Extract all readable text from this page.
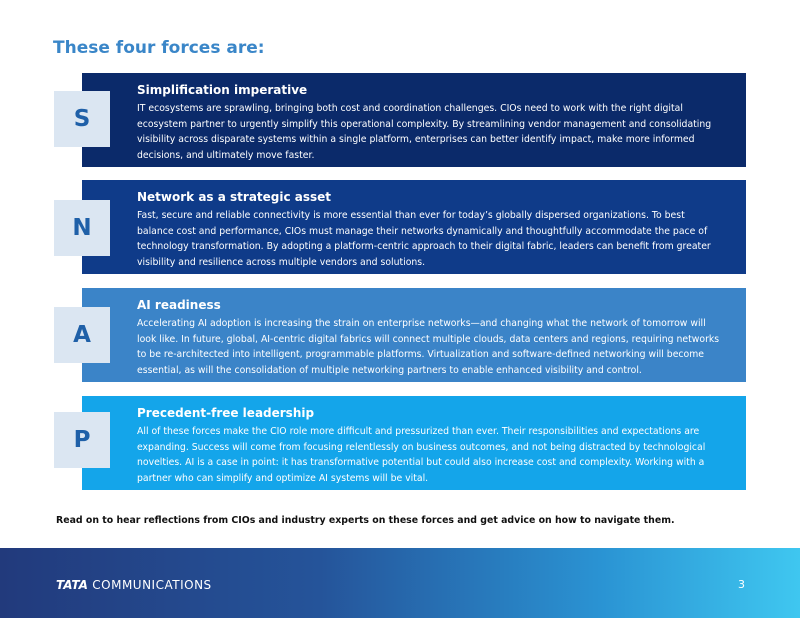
These four forces are:
S
Simplification imperative

IT ecosystems are sprawling, bringing both cost and coordination challenges. CIOs need to work with the right digital ecosystem partner to urgently simplify this operational complexity. By streamlining vendor management and consolidating visibility across disparate systems within a single platform, enterprises can better identify impact, make more informed decisions, and ultimately move faster.

N
Network as a strategic asset

Fast, secure and reliable connectivity is more essential than ever for today’s globally dispersed organizations. To best balance cost and performance, CIOs must manage their networks dynamically and thoughtfully accommodate the pace of technology transformation. By adopting a platform-centric approach to their digital fabric, leaders can benefit from greater visibility and resilience across multiple vendors and solutions.

A
AI readiness

Accelerating AI adoption is increasing the strain on enterprise networks—and changing what the network of tomorrow will look like. In future, global, AI-centric digital fabrics will connect multiple clouds, data centers and regions, requiring networks to be re-architected into intelligent, programmable platforms. Virtualization and software-defined networking will become essential, as will the consolidation of multiple networking partners to enable enhanced visibility and control.

P
Precedent-free leadership

All of these forces make the CIO role more difficult and pressurized than ever. Their responsibilities and expectations are expanding. Success will come from focusing relentlessly on business outcomes, and not being distracted by technological novelties. AI is a case in point: it has transformative potential but could also increase cost and complexity. Working with a partner who can simplify and optimize AI systems will be vital.

Read on to hear reflections from CIOs and industry experts on these forces and get advice on how to navigate them.
TATA COMMUNICATIONS	3
